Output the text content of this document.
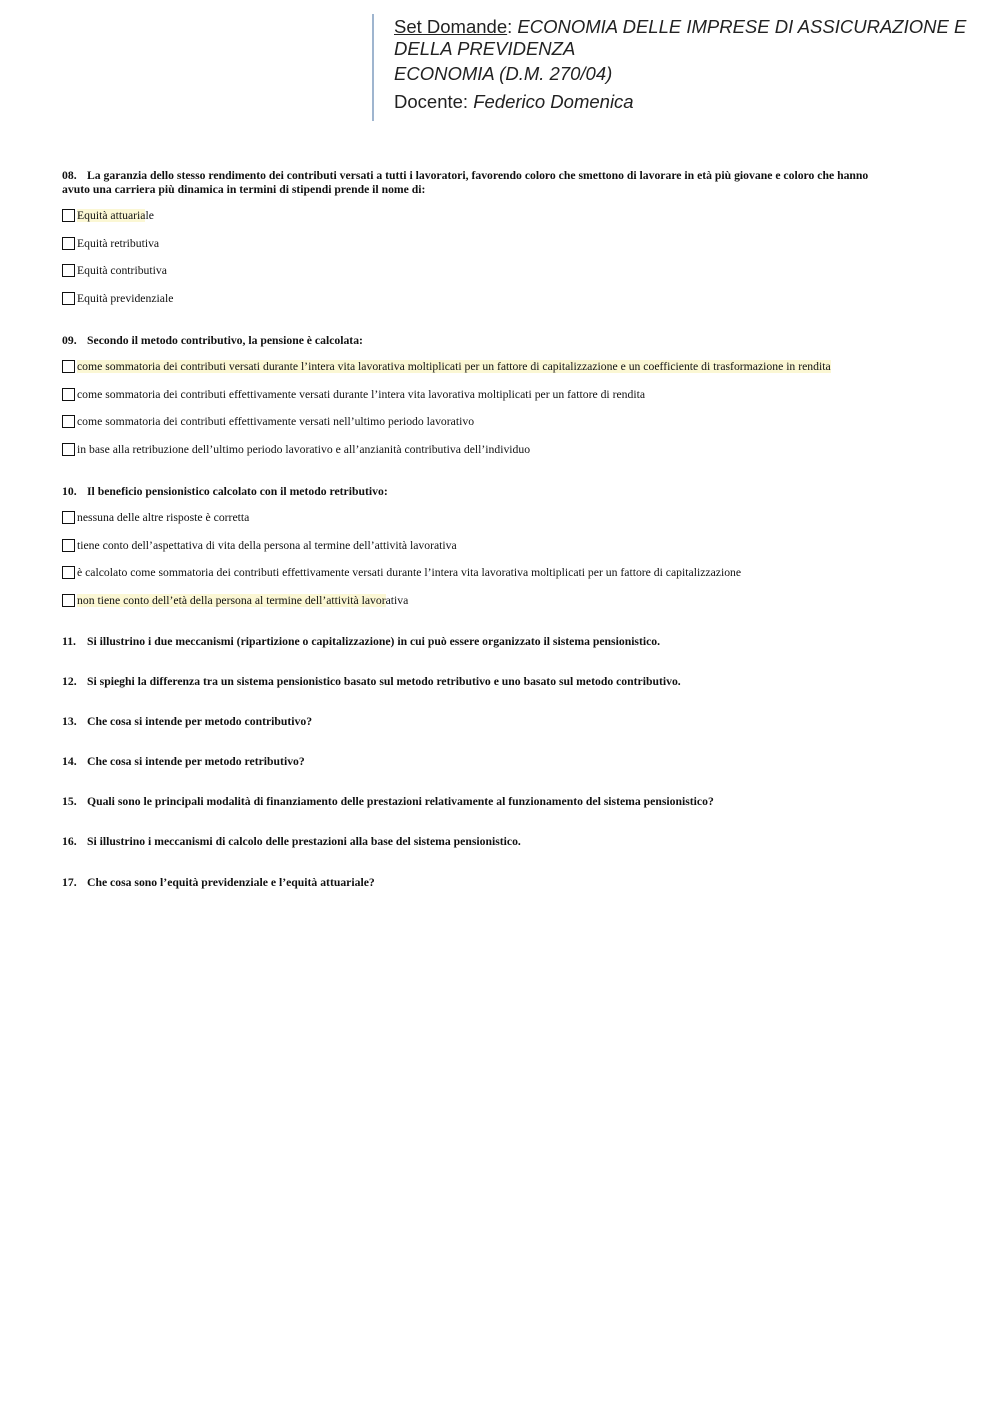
Set Domande: ECONOMIA DELLE IMPRESE DI ASSICURAZIONE E

DELLA PREVIDENZA

ECONOMIA (D.M. 270/04)

Docente: Federico Domenica

08. La garanzia dello stesso rendimento dei contributi versati a tutti i lavoratori, favorendo coloro che smettono di lavorare in età più giovane e coloro che hanno
avuto una carriera più dinamica in termini di stipendi prende il nome di:
Equità attuariale
Equità retributiva
Equità contributiva
Equità previdenziale
09. Secondo il metodo contributivo, la pensione è calcolata:
come sommatoria dei contributi versati durante l’intera vita lavorativa moltiplicati per un fattore di capitalizzazione e un coefficiente di trasformazione in rendita
come sommatoria dei contributi effettivamente versati durante l’intera vita lavorativa moltiplicati per un fattore di rendita
come sommatoria dei contributi effettivamente versati nell’ultimo periodo lavorativo
in base alla retribuzione dell’ultimo periodo lavorativo e all’anzianità contributiva dell’individuo
10. Il beneficio pensionistico calcolato con il metodo retributivo:
nessuna delle altre risposte è corretta
tiene conto dell’aspettativa di vita della persona al termine dell’attività lavorativa
è calcolato come sommatoria dei contributi effettivamente versati durante l’intera vita lavorativa moltiplicati per un fattore di capitalizzazione
non tiene conto dell’età della persona al termine dell’attività lavorativa
11. Si illustrino i due meccanismi (ripartizione o capitalizzazione) in cui può essere organizzato il sistema pensionistico.
12. Si spieghi la differenza tra un sistema pensionistico basato sul metodo retributivo e uno basato sul metodo contributivo.
13. Che cosa si intende per metodo contributivo?
14. Che cosa si intende per metodo retributivo?
15. Quali sono le principali modalità di finanziamento delle prestazioni relativamente al funzionamento del sistema pensionistico?
16. Si illustrino i meccanismi di calcolo delle prestazioni alla base del sistema pensionistico.
17. Che cosa sono l’equità previdenziale e l’equità attuariale?
